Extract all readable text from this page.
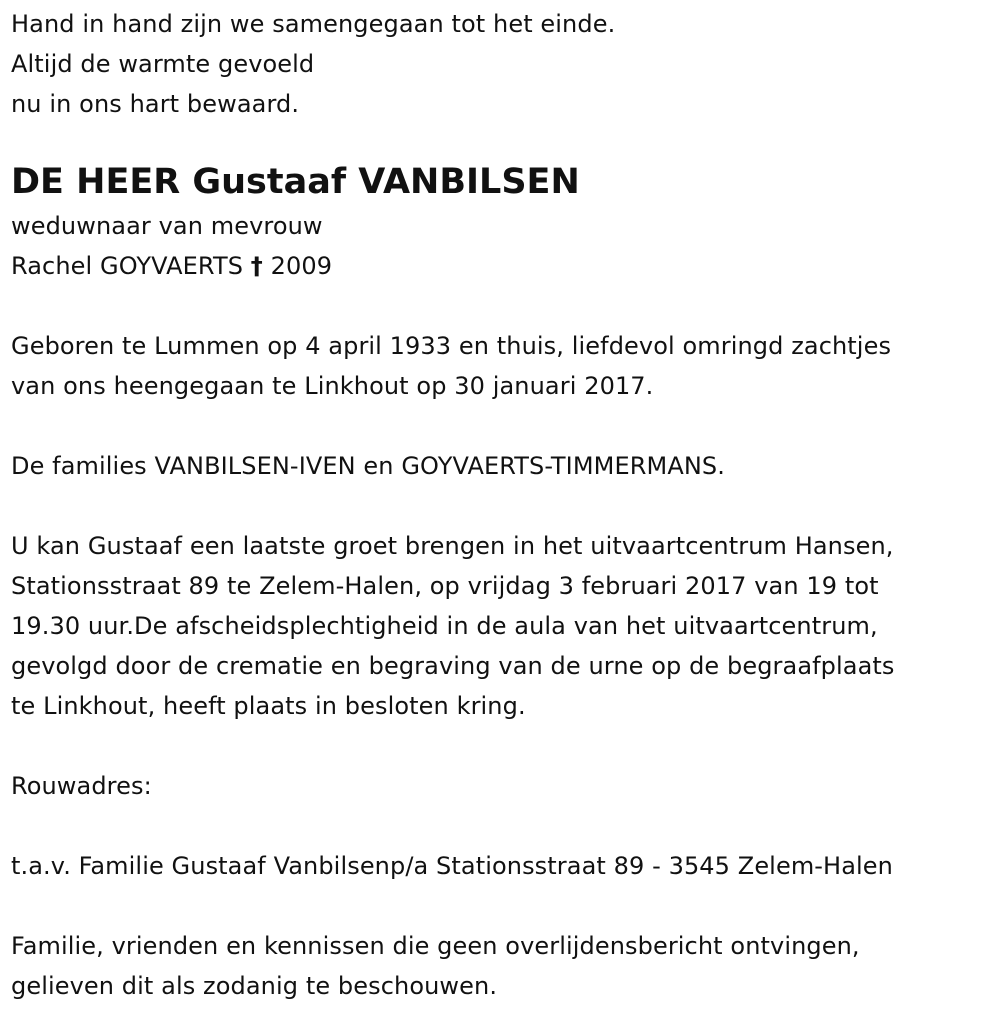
Hand in hand zijn we samengegaan tot het einde.
Altijd de warmte gevoeld
nu in ons hart bewaard.
DE HEER Gustaaf VANBILSEN
weduwnaar van mevrouw
Rachel GOYVAERTS † 2009
Geboren te Lummen op 4 april 1933 en thuis, liefdevol omringd zachtjes
van ons heengegaan te Linkhout op 30 januari 2017.
De families VANBILSEN-IVEN en GOYVAERTS-TIMMERMANS.
U kan Gustaaf een laatste groet brengen in het uitvaartcentrum Hansen,
Stationsstraat 89 te Zelem-Halen, op vrijdag 3 februari 2017 van 19 tot
19.30 uur.De afscheidsplechtigheid in de aula van het uitvaartcentrum,
gevolgd door de crematie en begraving van de urne op de begraafplaats
te Linkhout, heeft plaats in besloten kring.
Rouwadres:
t.a.v. Familie Gustaaf Vanbilsenp/a Stationsstraat 89 - 3545 Zelem-Halen
Familie, vrienden en kennissen die geen overlijdensbericht ontvingen,
gelieven dit als zodanig te beschouwen.
